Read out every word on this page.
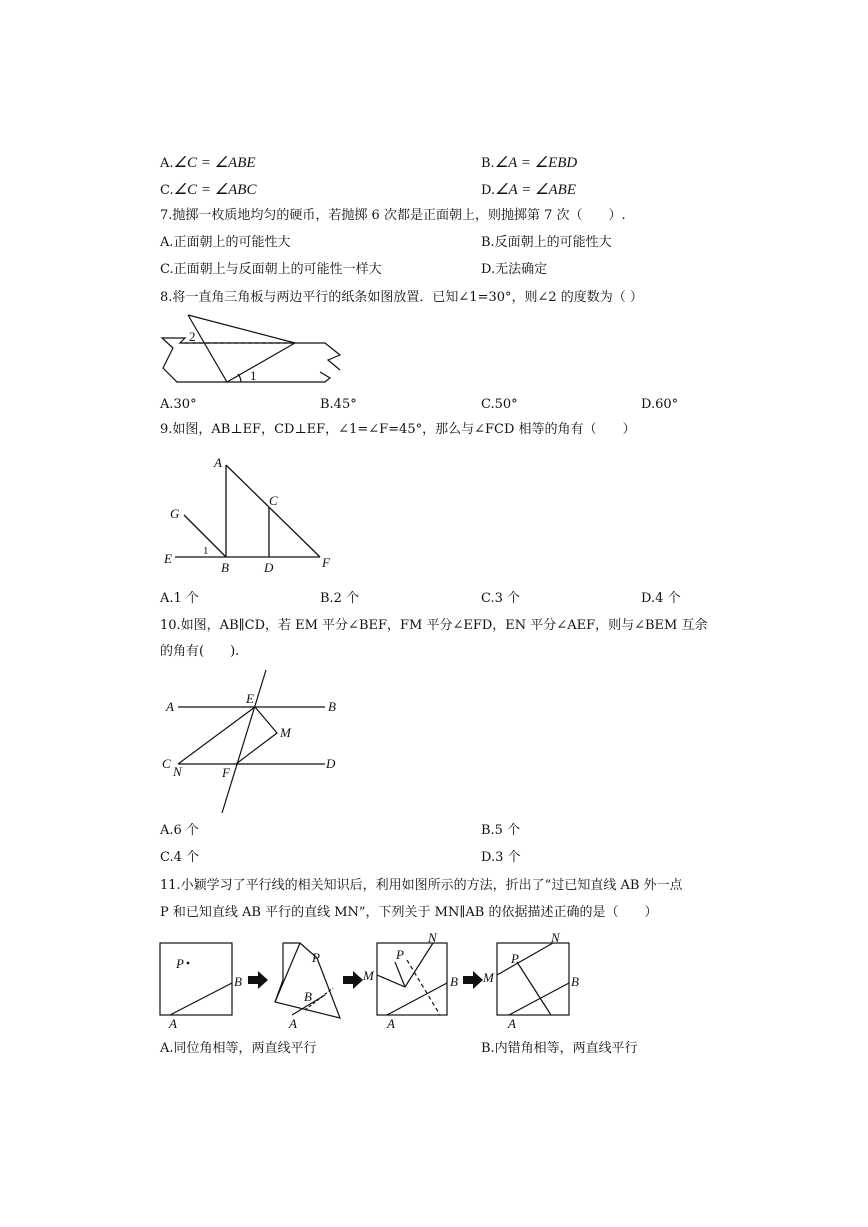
A.∠C = ∠ABE	B.∠A = ∠EBD
C.∠C = ∠ABC	D.∠A = ∠ABE
7.抛掷一枚质地均匀的硬币，若抛掷 6 次都是正面朝上，则抛掷第 7 次（　　）.
A.正面朝上的可能性大	B.反面朝上的可能性大
C.正面朝上与反面朝上的可能性一样大	D.无法确定
8.将一直角三角板与两边平行的纸条如图放置．已知∠1=30°，则∠2 的度数为（ ）
2
1
A.30°	B.45°	C.50°	D.60°
9.如图，AB⊥EF，CD⊥EF，∠1=∠F=45°，那么与∠FCD 相等的角有（　　）
A
C
G
E	1
B	D	F
A.1 个	B.2 个	C.3 个	D.4 个
10.如图，AB∥CD，若 EM 平分∠BEF，FM 平分∠EFD，EN 平分∠AEF，则与∠BEM 互余
的角有(　　).
A
E
B
M
C
N	F
D
A.6 个	B.5 个
C.4 个	D.3 个
11.小颖学习了平行线的相关知识后，利用如图所示的方法，折出了“过已知直线 AB 外一点
P 和已知直线 AB 平行的直线 MN”，下列关于 MN∥AB 的依据描述正确的是（　　）
P
B
A
P
B
A
N
P
M	B
A
N
P
M	B
A
A.同位角相等，两直线平行	B.内错角相等，两直线平行
